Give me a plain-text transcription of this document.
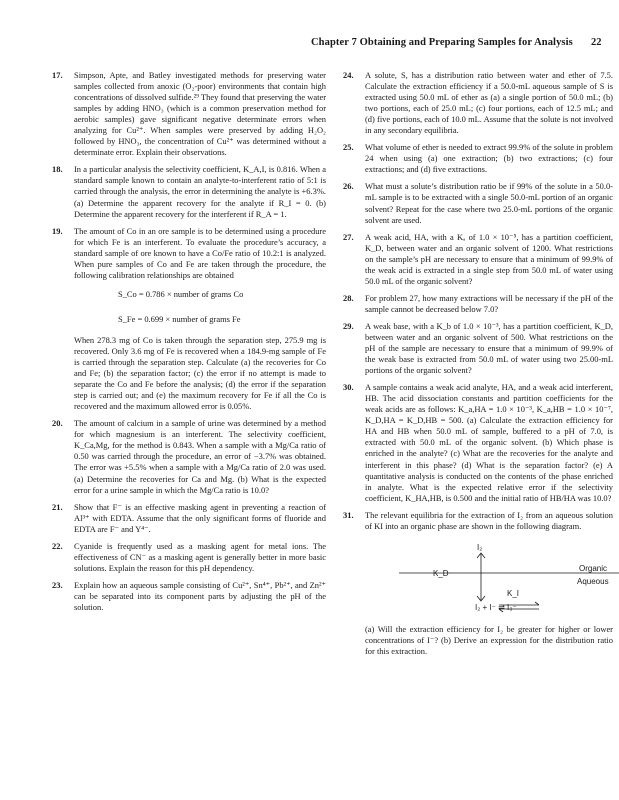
Chapter 7 Obtaining and Preparing Samples for Analysis 22
17. Simpson, Apte, and Batley investigated methods for preserving water samples collected from anoxic (O₂-poor) environments that contain high concentrations of dissolved sulfide.²⁹ They found that preserving the water samples by adding HNO₃ (which is a common preservation method for aerobic samples) gave significant negative determinate errors when analyzing for Cu²⁺. When samples were preserved by adding H₂O₂ followed by HNO₃, the concentration of Cu²⁺ was determined without a determinate error. Explain their observations.

18. In a particular analysis the selectivity coefficient, K_A,I, is 0.816. When a standard sample known to contain an analyte-to-interferent ratio of 5:1 is carried through the analysis, the error in determining the analyte is +6.3%. (a) Determine the apparent recovery for the analyte if R_I = 0. (b) Determine the apparent recovery for the interferent if R_A = 1.

19. The amount of Co in an ore sample is to be determined using a procedure for which Fe is an interferent. To evaluate the procedure’s accuracy, a standard sample of ore known to have a Co/Fe ratio of 10.2:1 is analyzed. When pure samples of Co and Fe are taken through the procedure, the following calibration relationships are obtained

S_Co = 0.786 × number of grams Co
S_Fe = 0.699 × number of grams Fe

When 278.3 mg of Co is taken through the separation step, 275.9 mg is recovered. Only 3.6 mg of Fe is recovered when a 184.9-mg sample of Fe is carried through the separation step. Calculate (a) the recoveries for Co and Fe; (b) the separation factor; (c) the error if no attempt is made to separate the Co and Fe before the analysis; (d) the error if the separation step is carried out; and (e) the maximum recovery for Fe if all the Co is recovered and the maximum allowed error is 0.05%.

20. The amount of calcium in a sample of urine was determined by a method for which magnesium is an interferent. The selectivity coefficient, K_Ca,Mg, for the method is 0.843. When a sample with a Mg/Ca ratio of 0.50 was carried through the procedure, an error of −3.7% was obtained. The error was +5.5% when a sample with a Mg/Ca ratio of 2.0 was used. (a) Determine the recoveries for Ca and Mg. (b) What is the expected error for a urine sample in which the Mg/Ca ratio is 10.0?

21. Show that F⁻ is an effective masking agent in preventing a reaction of Al³⁺ with EDTA. Assume that the only significant forms of fluoride and EDTA are F⁻ and Y⁴⁻.

22. Cyanide is frequently used as a masking agent for metal ions. The effectiveness of CN⁻ as a masking agent is generally better in more basic solutions. Explain the reason for this pH dependency.

23. Explain how an aqueous sample consisting of Cu²⁺, Sn⁴⁺, Pb²⁺, and Zn²⁺ can be separated into its component parts by adjusting the pH of the solution.

24. A solute, S, has a distribution ratio between water and ether of 7.5. Calculate the extraction efficiency if a 50.0-mL aqueous sample of S is extracted using 50.0 mL of ether as (a) a single portion of 50.0 mL; (b) two portions, each of 25.0 mL; (c) four portions, each of 12.5 mL; and (d) five portions, each of 10.0 mL. Assume that the solute is not involved in any secondary equilibria.

25. What volume of ether is needed to extract 99.9% of the solute in problem 24 when using (a) one extraction; (b) two extractions; (c) four extractions; and (d) five extractions.

26. What must a solute’s distribution ratio be if 99% of the solute in a 50.0-mL sample is to be extracted with a single 50.0-mL portion of an organic solvent? Repeat for the case where two 25.0-mL portions of the organic solvent are used.

27. A weak acid, HA, with a Kₐ of 1.0 × 10⁻⁵, has a partition coefficient, K_D, between water and an organic solvent of 1200. What restrictions on the sample’s pH are necessary to ensure that a minimum of 99.9% of the weak acid is extracted in a single step from 50.0 mL of water using 50.0 mL of the organic solvent?

28. For problem 27, how many extractions will be necessary if the pH of the sample cannot be decreased below 7.0?

29. A weak base, with a K_b of 1.0 × 10⁻³, has a partition coefficient, K_D, between water and an organic solvent of 500. What restrictions on the pH of the sample are necessary to ensure that a minimum of 99.9% of the weak base is extracted from 50.0 mL of water using two 25.00-mL portions of the organic solvent?

30. A sample contains a weak acid analyte, HA, and a weak acid interferent, HB. The acid dissociation constants and partition coefficients for the weak acids are as follows: K_a,HA = 1.0 × 10⁻³, K_a,HB = 1.0 × 10⁻⁷, K_D,HA = K_D,HB = 500. (a) Calculate the extraction efficiency for HA and HB when 50.0 mL of sample, buffered to a pH of 7.0, is extracted with 50.0 mL of the organic solvent. (b) Which phase is enriched in the analyte? (c) What are the recoveries for the analyte and interferent in this phase? (d) What is the separation factor? (e) A quantitative analysis is conducted on the contents of the phase enriched in analyte. What is the expected relative error if the selectivity coefficient, K_HA,HB, is 0.500 and the initial ratio of HB/HA was 10.0?

31. The relevant equilibria for the extraction of I₂ from an aqueous solution of KI into an organic phase are shown in the following diagram.

I₂
K_D
Organic
Aqueous
K_I
I₂ + I⁻ ⇌ I₃⁻

(a) Will the extraction efficiency for I₂ be greater for higher or lower concentrations of I⁻? (b) Derive an expression for the distribution ratio for this extraction.
